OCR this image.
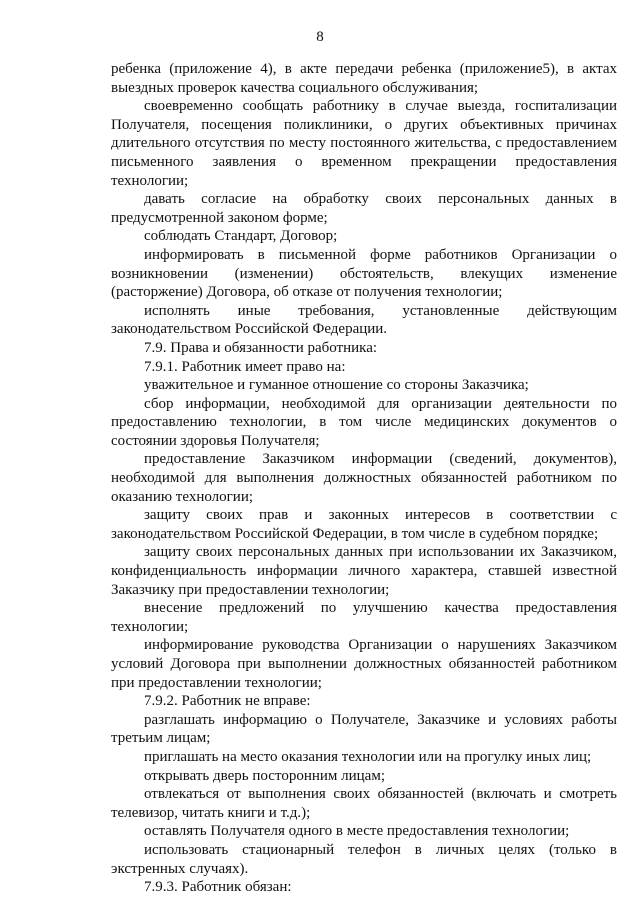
8

ребенка (приложение 4), в акте передачи ребенка (приложение5), в актах выездных проверок качества социального обслуживания;

своевременно сообщать работнику в случае выезда, госпитализации Получателя, посещения поликлиники, о других объективных причинах длительного отсутствия по месту постоянного жительства, с предоставлением письменного заявления о временном прекращении предоставления технологии;

давать согласие на обработку своих персональных данных в предусмотренной законом форме;

соблюдать Стандарт, Договор;

информировать в письменной форме работников Организации о возникновении (изменении) обстоятельств, влекущих изменение (расторжение) Договора, об отказе от получения технологии;

исполнять иные требования, установленные действующим законодательством Российской Федерации.

7.9. Права и обязанности работника:

7.9.1. Работник имеет право на:

уважительное и гуманное отношение со стороны Заказчика;

сбор информации, необходимой для организации деятельности по предоставлению технологии, в том числе медицинских документов о состоянии здоровья Получателя;

предоставление Заказчиком информации (сведений, документов), необходимой для выполнения должностных обязанностей работником по оказанию технологии;

защиту своих прав и законных интересов в соответствии с законодательством Российской Федерации, в том числе в судебном порядке;

защиту своих персональных данных при использовании их Заказчиком, конфиденциальность информации личного характера, ставшей известной Заказчику при предоставлении технологии;

внесение предложений по улучшению качества предоставления технологии;

информирование руководства Организации о нарушениях Заказчиком условий Договора при выполнении должностных обязанностей работником при предоставлении технологии;

7.9.2. Работник не вправе:

разглашать информацию о Получателе, Заказчике и условиях работы третьим лицам;

приглашать на место оказания технологии или на прогулку иных лиц;

открывать дверь посторонним лицам;

отвлекаться от выполнения своих обязанностей (включать и смотреть телевизор, читать книги и т.д.);

оставлять Получателя одного в месте предоставления технологии;

использовать стационарный телефон в личных целях (только в экстренных случаях).

7.9.3. Работник обязан:
